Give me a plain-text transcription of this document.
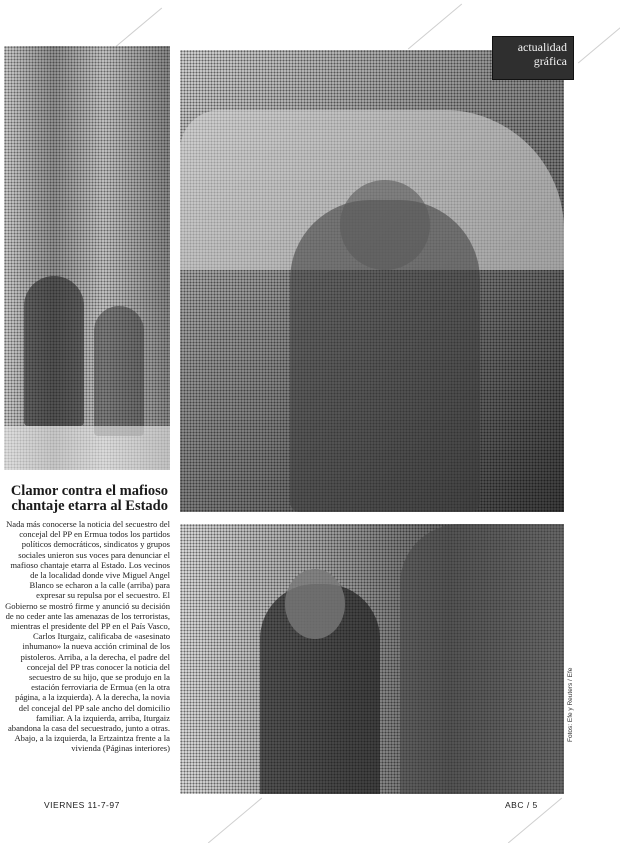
actualidad
gráfica
Clamor contra el mafioso chantaje etarra al Estado

Nada más conocerse la noticia del secuestro del concejal del PP en Ermua todos los partidos políticos democráticos, sindicatos y grupos sociales unieron sus voces para denunciar el mafioso chantaje etarra al Estado. Los vecinos de la localidad donde vive Miguel Angel Blanco se echaron a la calle (arriba) para expresar su repulsa por el secuestro. El Gobierno se mostró firme y anunció su decisión de no ceder ante las amenazas de los terroristas, mientras el presidente del PP en el País Vasco, Carlos Iturgaiz, calificaba de «asesinato inhumano» la nueva acción criminal de los pistoleros. Arriba, a la derecha, el padre del concejal del PP tras conocer la noticia del secuestro de su hijo, que se produjo en la estación ferroviaria de Ermua (en la otra página, a la izquierda). A la derecha, la novia del concejal del PP sale ancho del domicilio familiar. A la izquierda, arriba, Iturgaiz abandona la casa del secuestrado, junto a otras. Abajo, a la izquierda, la Ertzaintza frente a la vivienda (Páginas interiores)

Fotos: Efe y Reuters / Efe
VIERNES 11-7-97	ABC / 5
